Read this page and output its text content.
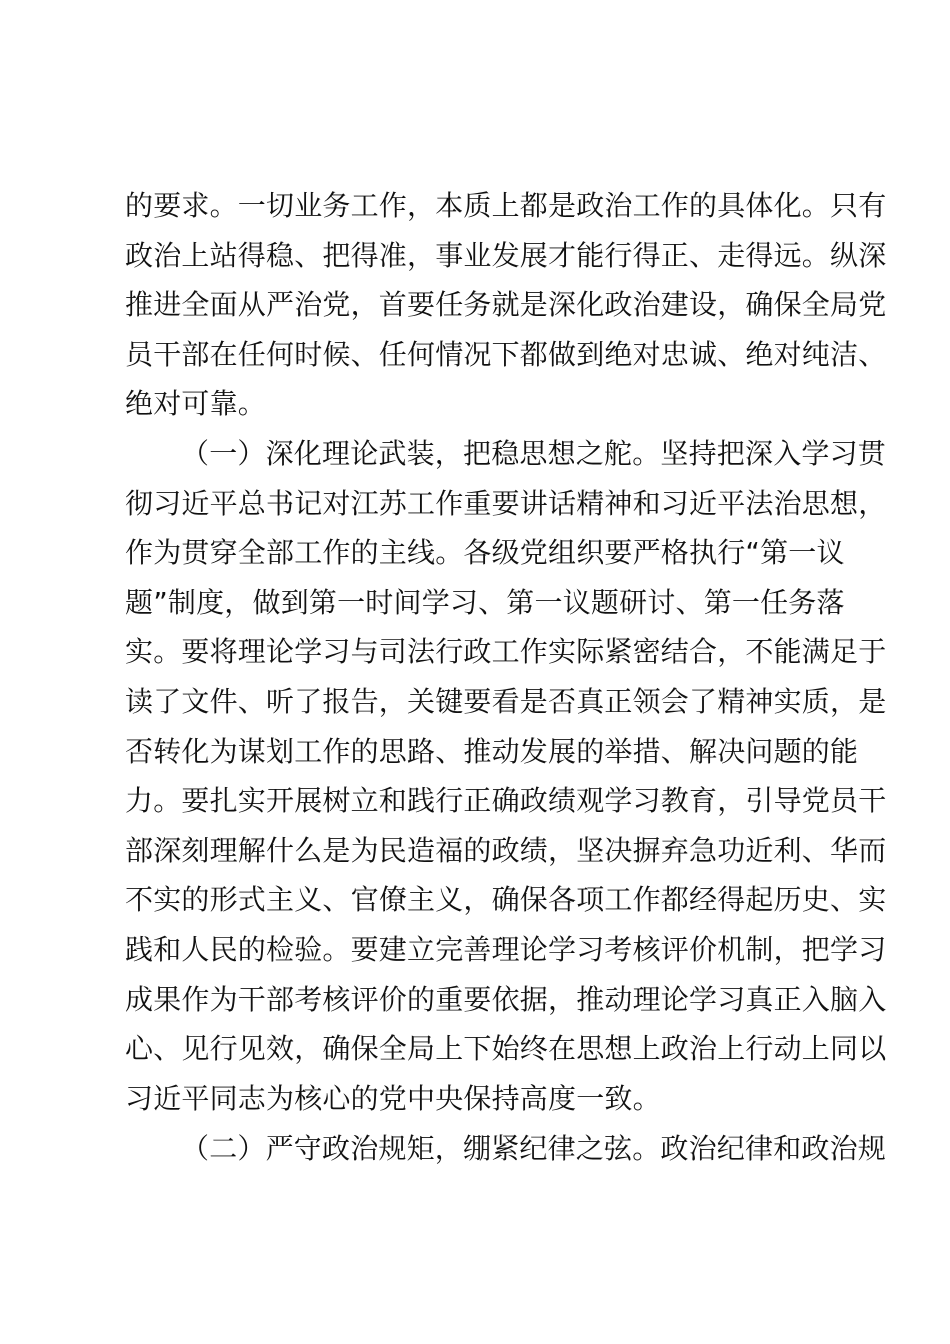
的要求。一切业务工作，本质上都是政治工作的具体化。只有
政治上站得稳、把得准，事业发展才能行得正、走得远。纵深
推进全面从严治党，首要任务就是深化政治建设，确保全局党
员干部在任何时候、任何情况下都做到绝对忠诚、绝对纯洁、
绝对可靠。
（一）深化理论武装，把稳思想之舵。坚持把深入学习贯
彻习近平总书记对江苏工作重要讲话精神和习近平法治思想，
作为贯穿全部工作的主线。各级党组织要严格执行“第一议
题”制度，做到第一时间学习、第一议题研讨、第一任务落
实。要将理论学习与司法行政工作实际紧密结合，不能满足于
读了文件、听了报告，关键要看是否真正领会了精神实质，是
否转化为谋划工作的思路、推动发展的举措、解决问题的能
力。要扎实开展树立和践行正确政绩观学习教育，引导党员干
部深刻理解什么是为民造福的政绩，坚决摒弃急功近利、华而
不实的形式主义、官僚主义，确保各项工作都经得起历史、实
践和人民的检验。要建立完善理论学习考核评价机制，把学习
成果作为干部考核评价的重要依据，推动理论学习真正入脑入
心、见行见效，确保全局上下始终在思想上政治上行动上同以
习近平同志为核心的党中央保持高度一致。
（二）严守政治规矩，绷紧纪律之弦。政治纪律和政治规
